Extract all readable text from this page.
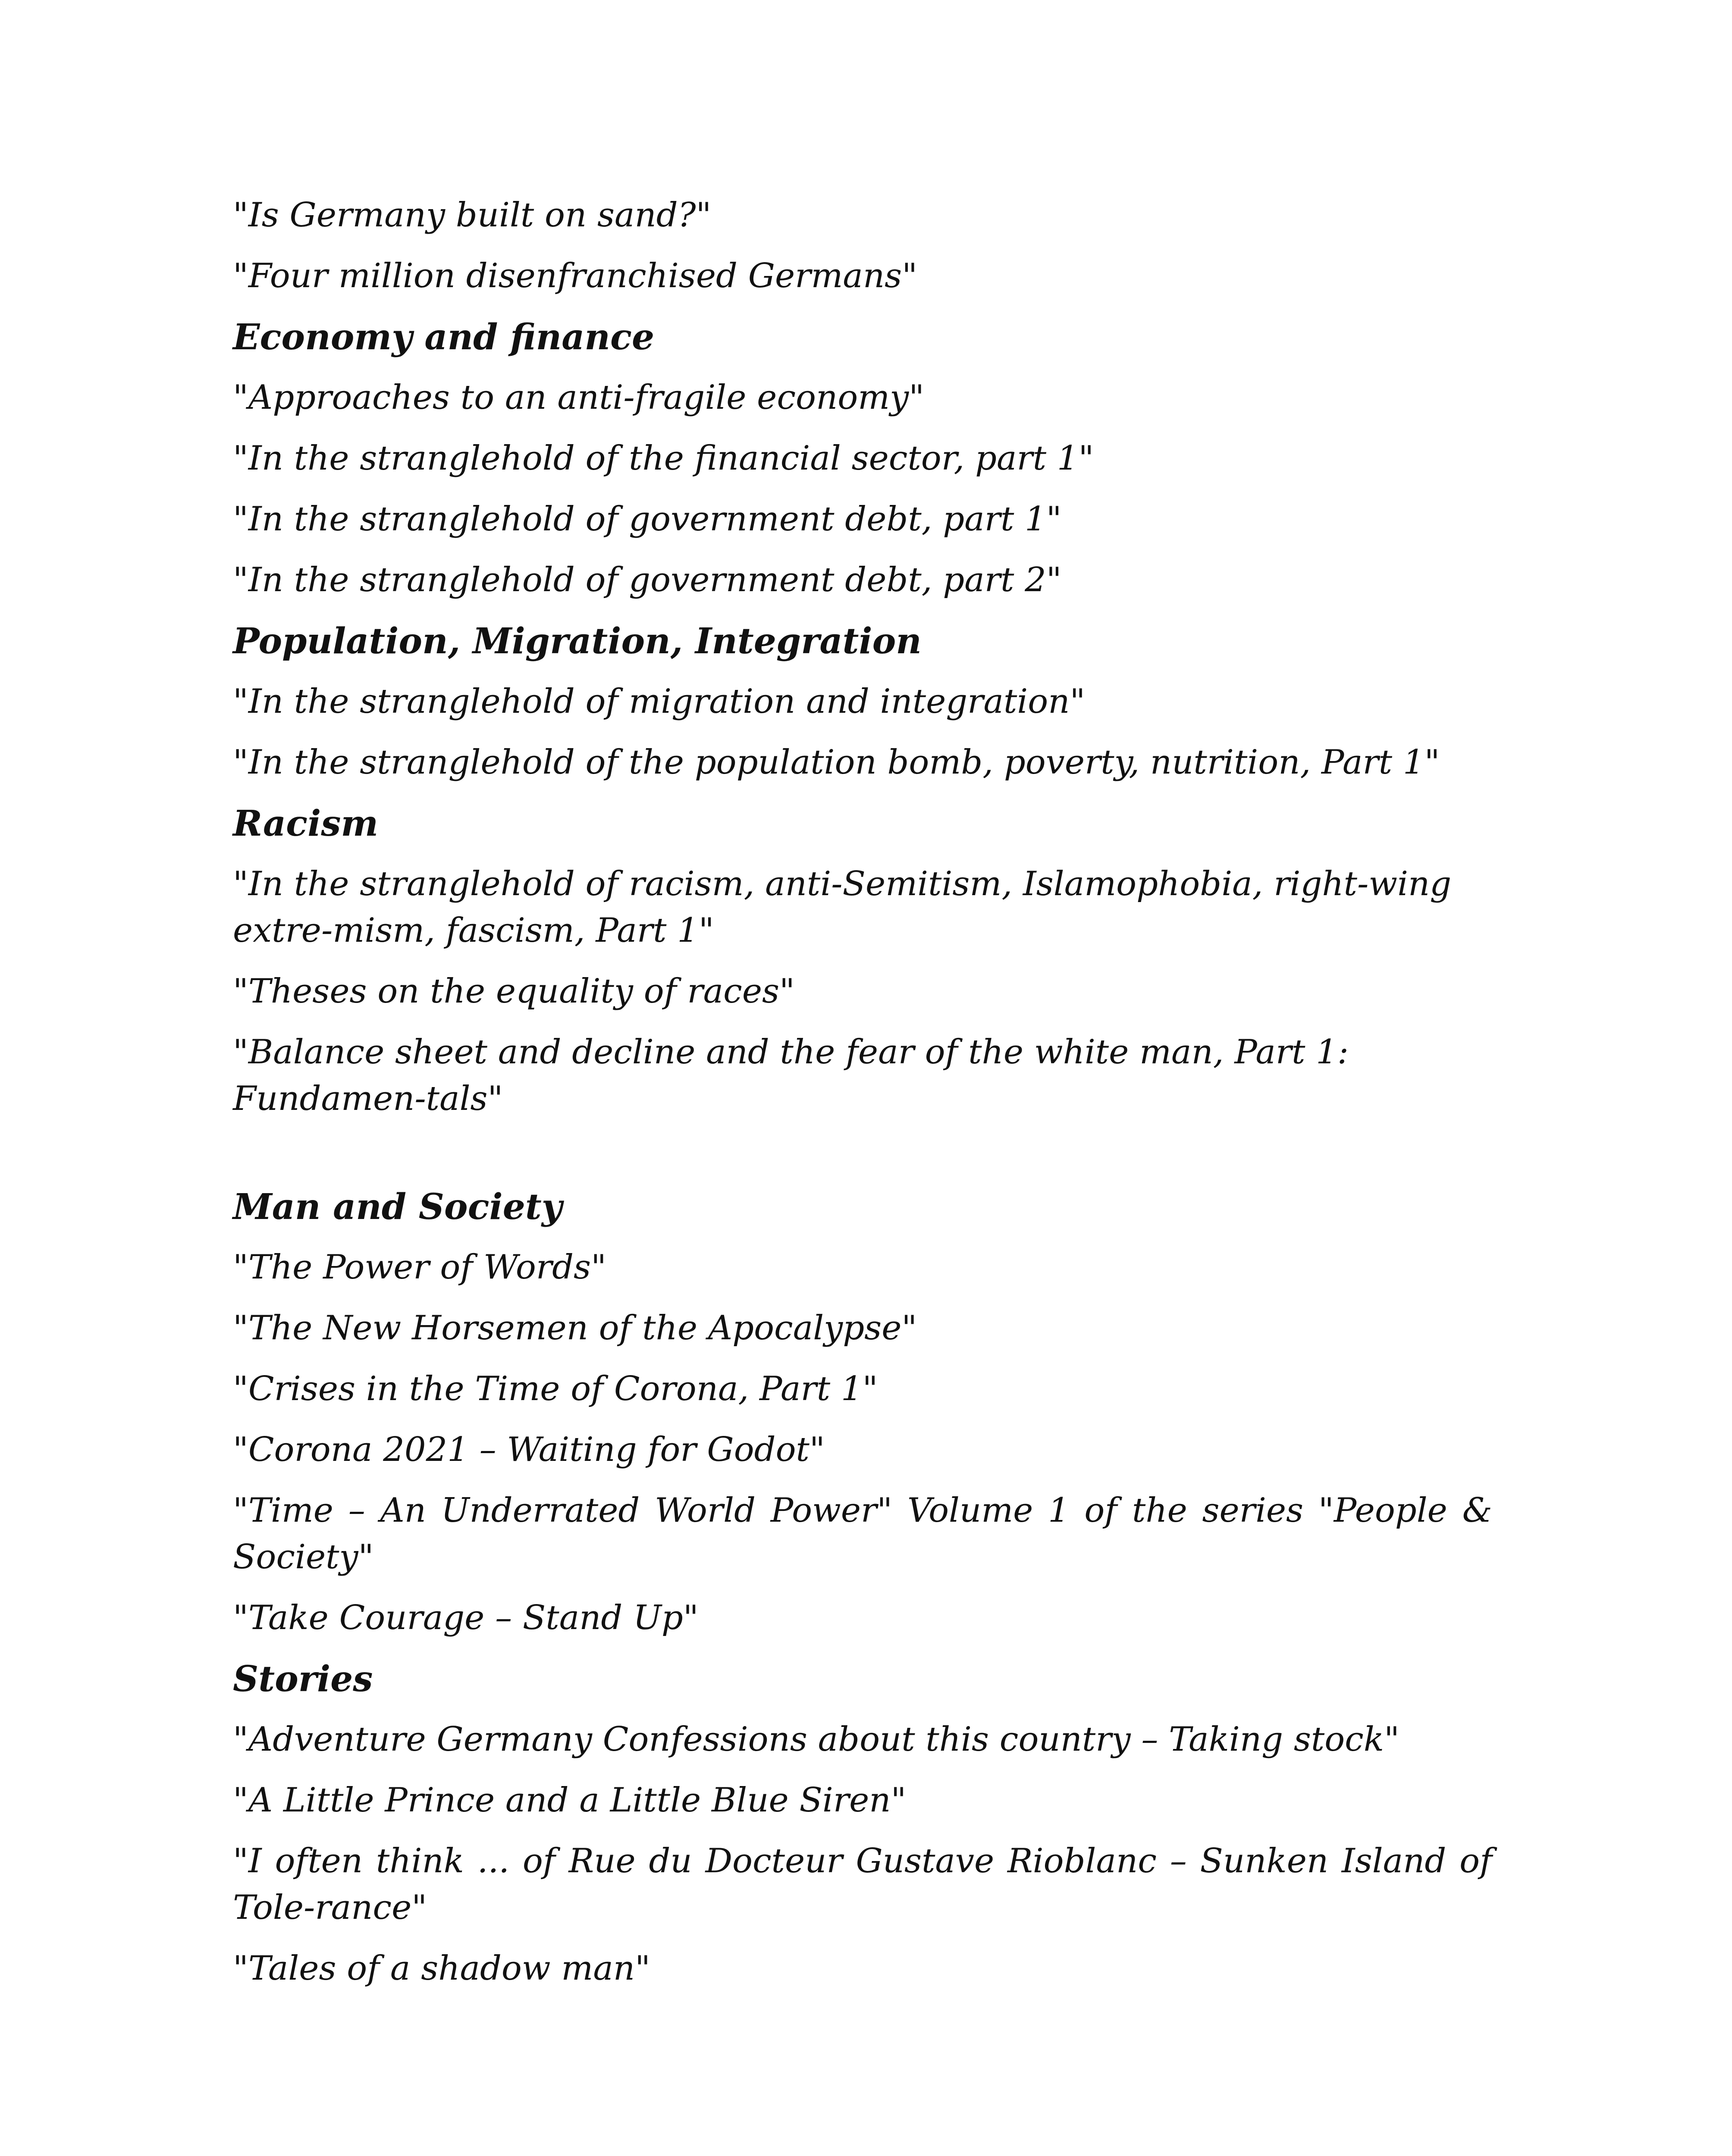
"Is Germany built on sand?"

"Four million disenfranchised Germans"

Economy and finance

"Approaches to an anti-fragile economy"

"In the stranglehold of the financial sector, part 1"

"In the stranglehold of government debt, part 1"

"In the stranglehold of government debt, part 2"

Population, Migration, Integration

"In the stranglehold of migration and integration"

"In the stranglehold of the population bomb, poverty, nutrition, Part 1"

Racism

"In the stranglehold of racism, anti-Semitism, Islamophobia, right-wing extre-mism, fascism, Part 1"

"Theses on the equality of races"

"Balance sheet and decline and the fear of the white man, Part 1: Fundamen-tals"

Man and Society

"The Power of Words"

"The New Horsemen of the Apocalypse"

"Crises in the Time of Corona, Part 1"

"Corona 2021 – Waiting for Godot"

"Time – An Underrated World Power" Volume 1 of the series "People & Society"

"Take Courage – Stand Up"

Stories

"Adventure Germany Confessions about this country – Taking stock"

"A Little Prince and a Little Blue Siren"

"I often think ... of Rue du Docteur Gustave Rioblanc – Sunken Island of Tole-rance"

"Tales of a shadow man"
